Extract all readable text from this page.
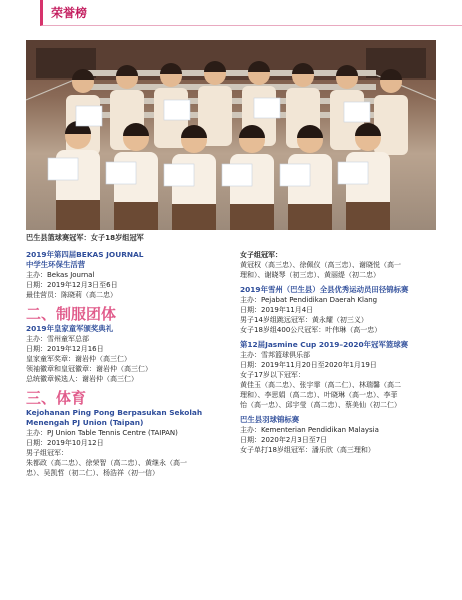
荣誉榜
巴生县篮球赛冠军：女子18岁组冠军
2019年第四届BEKAS JOURNAL
中学生环保生活营
主办：Bekas Journal
日期：2019年12月3日至6日
最佳营员：陈晓莉（高二忠）
二、制服团体
2019年皇家童军颁奖典礼
主办：雪州童军总部
日期：2019年12月16日
皇家童军奖章：谢岩仲（高三仁）
领袖徽章和皇冠徽章：谢岩仲（高三仁）
总统徽章候选人：谢岩仲（高三仁）
三、体育
Kejohanan Ping Pong Berpasukan Sekolah
Menengah PJ Union (Taipan)
主办：PJ Union Table Tennis Centre (TAIPAN)
日期：2019年10月12日
男子组冠军：
朱都政（高二忠）、徐荣智（高二忠）、黄继永（高一
忠）、吴凯哲（初二仁）、杨浩祥（初一信）
女子组冠军：
黄冠权（高三忠）、徐佩仪（高三忠）、谢晓悦（高一
理和）、谢晓琴（初三忠）、黄丽缇（初二忠）
2019年雪州（巴生县）全县优秀运动员田径锦标赛
主办：Pejabat Pendidikan Daerah Klang
日期：2019年11月4日
男子14岁组跳远冠军：黄永耀（初三义）
女子18岁组400公尺冠军：叶伟琳（高一忠）
第12届Jasmine Cup 2019–2020年冠军篮球赛
主办：雪邦篮球俱乐部
日期：2019年11月20日至2020年1月19日
女子17岁以下冠军：
黄佳玉（高二忠）、张宇霏（高二仁）、林瑞馨（高二
理和）、李思娟（高二忠）、叶晓琳（高一忠）、李菲
怡（高一忠）、邱宇莹（高二忠）、蔡美仙（初二仁）
巴生县羽球锦标赛
主办：Kementerian Pendidikan Malaysia
日期：2020年2月3日至7日
女子单打18岁组冠军：潘乐欣（高三理和）
